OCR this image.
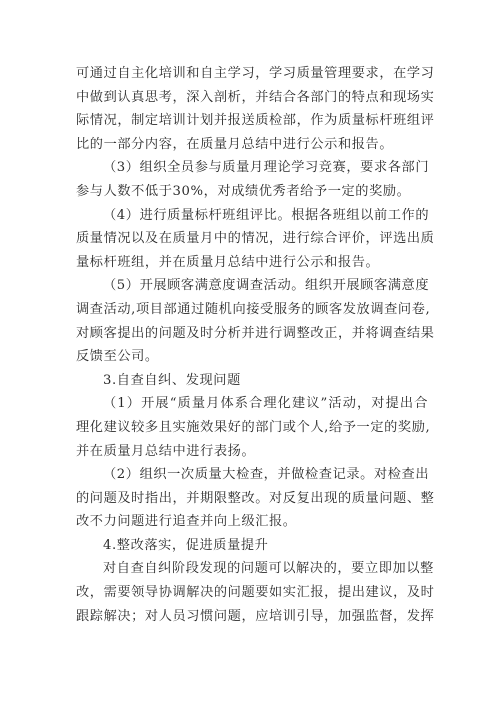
可通过自主化培训和自主学习，学习质量管理要求，在学习
中做到认真思考，深入剖析，并结合各部门的特点和现场实
际情况，制定培训计划并报送质检部，作为质量标杆班组评
比的一部分内容，在质量月总结中进行公示和报告。

（3）组织全员参与质量月理论学习竞赛，要求各部门
参与人数不低于30%，对成绩优秀者给予一定的奖励。

（4）进行质量标杆班组评比。根据各班组以前工作的
质量情况以及在质量月中的情况，进行综合评价，评选出质
量标杆班组，并在质量月总结中进行公示和报告。

（5）开展顾客满意度调查活动。组织开展顾客满意度
调查活动,项目部通过随机向接受服务的顾客发放调查问卷,
对顾客提出的问题及时分析并进行调整改正，并将调查结果
反馈至公司。

3.自查自纠、发现问题

（1）开展“质量月体系合理化建议”活动，对提出合
理化建议较多且实施效果好的部门或个人,给予一定的奖励,
并在质量月总结中进行表扬。

（2）组织一次质量大检查，并做检查记录。对检查出
的问题及时指出，并期限整改。对反复出现的质量问题、整
改不力问题进行追查并向上级汇报。

4.整改落实，促进质量提升

对自查自纠阶段发现的问题可以解决的，要立即加以整
改，需要领导协调解决的问题要如实汇报，提出建议，及时
跟踪解决；对人员习惯问题，应培训引导，加强监督，发挥
